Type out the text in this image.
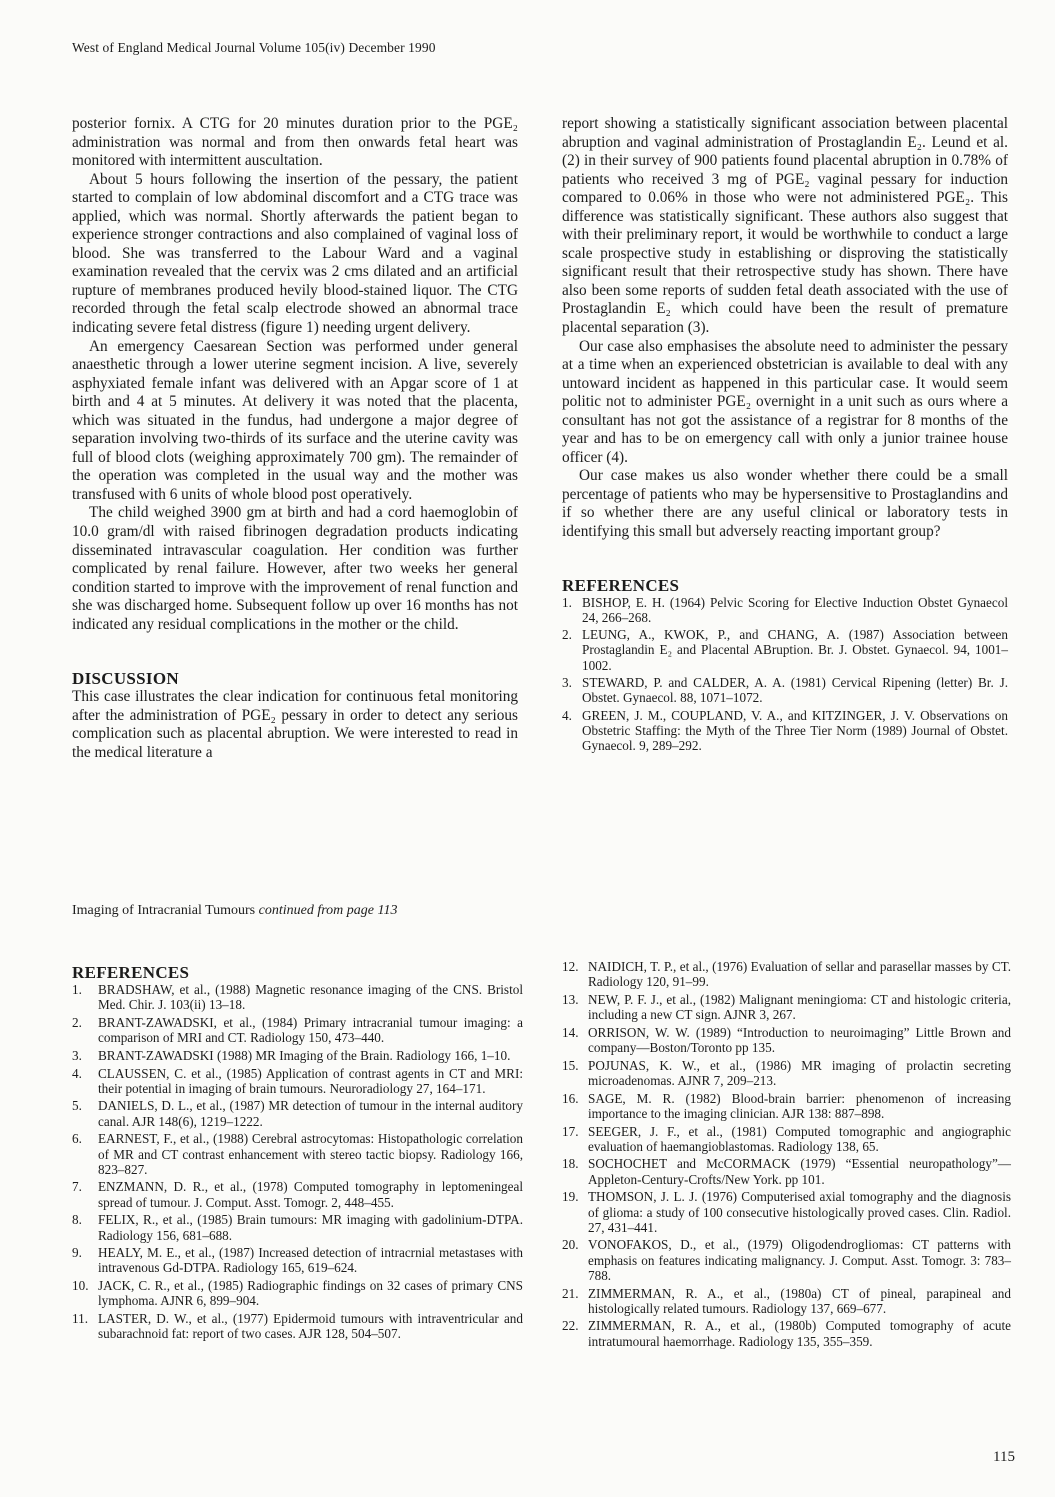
West of England Medical Journal Volume 105(iv) December 1990

posterior fornix. A CTG for 20 minutes duration prior to the PGE₂ administration was normal and from then onwards fetal heart was monitored with intermittent auscultation.

About 5 hours following the insertion of the pessary, the patient started to complain of low abdominal discomfort and a CTG trace was applied, which was normal. Shortly afterwards the patient began to experience stronger contractions and also complained of vaginal loss of blood. She was transferred to the Labour Ward and a vaginal examination revealed that the cervix was 2 cms dilated and an artificial rupture of membranes produced hevily blood-stained liquor. The CTG recorded through the fetal scalp electrode showed an abnormal trace indicating severe fetal distress (figure 1) needing urgent delivery.

An emergency Caesarean Section was performed under general anaesthetic through a lower uterine segment incision. A live, severely asphyxiated female infant was delivered with an Apgar score of 1 at birth and 4 at 5 minutes. At delivery it was noted that the placenta, which was situated in the fundus, had undergone a major degree of separation involving two-thirds of its surface and the uterine cavity was full of blood clots (weighing approximately 700 gm). The remainder of the operation was completed in the usual way and the mother was transfused with 6 units of whole blood post operatively.

The child weighed 3900 gm at birth and had a cord haemoglobin of 10.0 gram/dl with raised fibrinogen degradation products indicating disseminated intravascular coagulation. Her condition was further complicated by renal failure. However, after two weeks her general condition started to improve with the improvement of renal function and she was discharged home. Subsequent follow up over 16 months has not indicated any residual complications in the mother or the child.

DISCUSSION

This case illustrates the clear indication for continuous fetal monitoring after the administration of PGE₂ pessary in order to detect any serious complication such as placental abruption. We were interested to read in the medical literature a

report showing a statistically significant association between placental abruption and vaginal administration of Prostaglandin E₂. Leund et al. (2) in their survey of 900 patients found placental abruption in 0.78% of patients who received 3 mg of PGE₂ vaginal pessary for induction compared to 0.06% in those who were not administered PGE₂. This difference was statistically significant. These authors also suggest that with their preliminary report, it would be worthwhile to conduct a large scale prospective study in establishing or disproving the statistically significant result that their retrospective study has shown. There have also been some reports of sudden fetal death associated with the use of Prostaglandin E₂ which could have been the result of premature placental separation (3).

Our case also emphasises the absolute need to administer the pessary at a time when an experienced obstetrician is available to deal with any untoward incident as happened in this particular case. It would seem politic not to administer PGE₂ overnight in a unit such as ours where a consultant has not got the assistance of a registrar for 8 months of the year and has to be on emergency call with only a junior trainee house officer (4).

Our case makes us also wonder whether there could be a small percentage of patients who may be hypersensitive to Prostaglandins and if so whether there are any useful clinical or laboratory tests in identifying this small but adversely reacting important group?

REFERENCES
1. BISHOP, E. H. (1964) Pelvic Scoring for Elective Induction Obstet Gynaecol 24, 266–268.
2. LEUNG, A., KWOK, P., and CHANG, A. (1987) Association between Prostaglandin E₂ and Placental ABruption. Br. J. Obstet. Gynaecol. 94, 1001–1002.
3. STEWARD, P. and CALDER, A. A. (1981) Cervical Ripening (letter) Br. J. Obstet. Gynaecol. 88, 1071–1072.
4. GREEN, J. M., COUPLAND, V. A., and KITZINGER, J. V. Observations on Obstetric Staffing: the Myth of the Three Tier Norm (1989) Journal of Obstet. Gynaecol. 9, 289–292.
Imaging of Intracranial Tumours continued from page 113
REFERENCES
1. BRADSHAW, et al., (1988) Magnetic resonance imaging of the CNS. Bristol Med. Chir. J. 103(ii) 13–18.
2. BRANT-ZAWADSKI, et al., (1984) Primary intracranial tumour imaging: a comparison of MRI and CT. Radiology 150, 473–440.
3. BRANT-ZAWADSKI (1988) MR Imaging of the Brain. Radiology 166, 1–10.
4. CLAUSSEN, C. et al., (1985) Application of contrast agents in CT and MRI: their potential in imaging of brain tumours. Neuroradiology 27, 164–171.
5. DANIELS, D. L., et al., (1987) MR detection of tumour in the internal auditory canal. AJR 148(6), 1219–1222.
6. EARNEST, F., et al., (1988) Cerebral astrocytomas: Histopathologic correlation of MR and CT contrast enhancement with stereo tactic biopsy. Radiology 166, 823–827.
7. ENZMANN, D. R., et al., (1978) Computed tomography in leptomeningeal spread of tumour. J. Comput. Asst. Tomogr. 2, 448–455.
8. FELIX, R., et al., (1985) Brain tumours: MR imaging with gadolinium-DTPA. Radiology 156, 681–688.
9. HEALY, M. E., et al., (1987) Increased detection of intracrnial metastases with intravenous Gd-DTPA. Radiology 165, 619–624.
10. JACK, C. R., et al., (1985) Radiographic findings on 32 cases of primary CNS lymphoma. AJNR 6, 899–904.
11. LASTER, D. W., et al., (1977) Epidermoid tumours with intraventricular and subarachnoid fat: report of two cases. AJR 128, 504–507.
12. NAIDICH, T. P., et al., (1976) Evaluation of sellar and parasellar masses by CT. Radiology 120, 91–99.
13. NEW, P. F. J., et al., (1982) Malignant meningioma: CT and histologic criteria, including a new CT sign. AJNR 3, 267.
14. ORRISON, W. W. (1989) “Introduction to neuroimaging” Little Brown and company—Boston/Toronto pp 135.
15. POJUNAS, K. W., et al., (1986) MR imaging of prolactin secreting microadenomas. AJNR 7, 209–213.
16. SAGE, M. R. (1982) Blood-brain barrier: phenomenon of increasing importance to the imaging clinician. AJR 138: 887–898.
17. SEEGER, J. F., et al., (1981) Computed tomographic and angiographic evaluation of haemangioblastomas. Radiology 138, 65.
18. SOCHOCHET and McCORMACK (1979) “Essential neuropathology”—Appleton-Century-Crofts/New York. pp 101.
19. THOMSON, J. L. J. (1976) Computerised axial tomography and the diagnosis of glioma: a study of 100 consecutive histologically proved cases. Clin. Radiol. 27, 431–441.
20. VONOFAKOS, D., et al., (1979) Oligodendrogliomas: CT patterns with emphasis on features indicating malignancy. J. Comput. Asst. Tomogr. 3: 783–788.
21. ZIMMERMAN, R. A., et al., (1980a) CT of pineal, parapineal and histologically related tumours. Radiology 137, 669–677.
22. ZIMMERMAN, R. A., et al., (1980b) Computed tomography of acute intratumoural haemorrhage. Radiology 135, 355–359.
115
